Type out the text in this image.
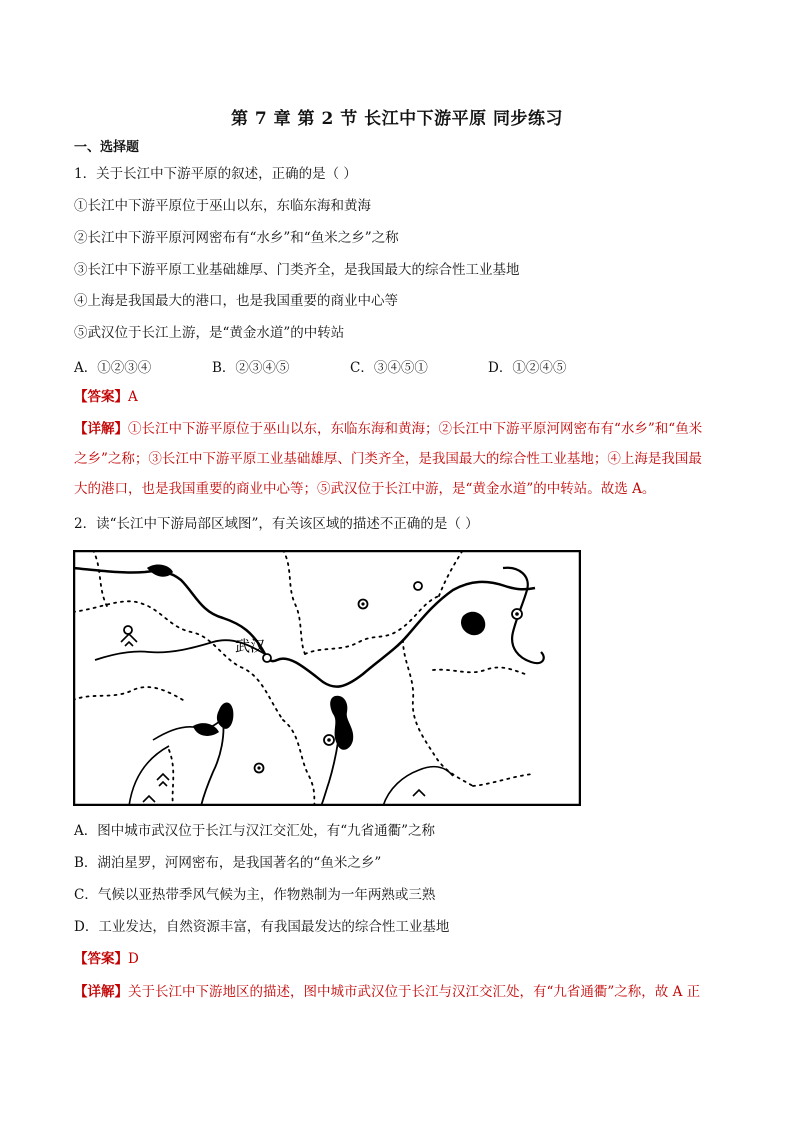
第 7 章 第 2 节 长江中下游平原 同步练习
一、选择题
1．关于长江中下游平原的叙述，正确的是（ ）
①长江中下游平原位于巫山以东，东临东海和黄海
②长江中下游平原河网密布有“水乡”和“鱼米之乡”之称
③长江中下游平原工业基础雄厚、门类齐全，是我国最大的综合性工业基地
④上海是我国最大的港口，也是我国重要的商业中心等
⑤武汉位于长江上游，是“黄金水道”的中转站
A．①②③④	B．②③④⑤	C．③④⑤①	D．①②④⑤
【答案】A
【详解】①长江中下游平原位于巫山以东，东临东海和黄海；②长江中下游平原河网密布有“水乡”和“鱼米
之乡”之称；③长江中下游平原工业基础雄厚、门类齐全，是我国最大的综合性工业基地；④上海是我国最
大的港口，也是我国重要的商业中心等；⑤武汉位于长江中游，是“黄金水道”的中转站。故选 A。
2．读“长江中下游局部区域图”，有关该区域的描述不正确的是（ ）
武汉
A．图中城市武汉位于长江与汉江交汇处，有“九省通衢”之称
B．湖泊星罗，河网密布，是我国著名的“鱼米之乡”
C．气候以亚热带季风气候为主，作物熟制为一年两熟或三熟
D．工业发达，自然资源丰富，有我国最发达的综合性工业基地
【答案】D
【详解】关于长江中下游地区的描述，图中城市武汉位于长江与汉江交汇处，有“九省通衢”之称，故 A 正
